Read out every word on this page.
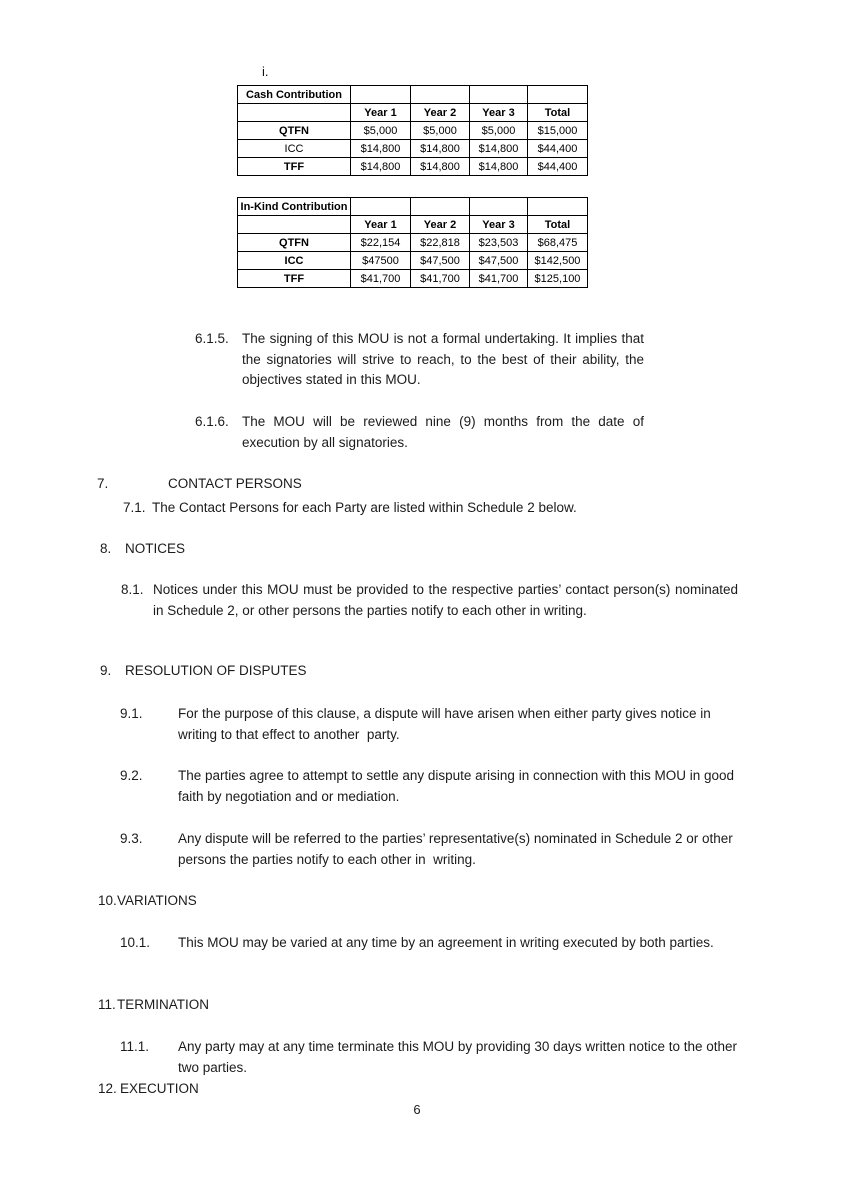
i.
Cash Contribution				
	Year 1	Year 2	Year 3	Total
QTFN	$5,000	$5,000	$5,000	$15,000
ICC	$14,800	$14,800	$14,800	$44,400
TFF	$14,800	$14,800	$14,800	$44,400
In-Kind Contribution				
	Year 1	Year 2	Year 3	Total
QTFN	$22,154	$22,818	$23,503	$68,475
ICC	$47500	$47,500	$47,500	$142,500
TFF	$41,700	$41,700	$41,700	$125,100
6.1.5. The signing of this MOU is not a formal undertaking. It implies that the signatories will strive to reach, to the best of their ability, the objectives stated in this MOU.
6.1.6. The MOU will be reviewed nine (9) months from the date of execution by all signatories.
7.	CONTACT PERSONS
7.1. The Contact Persons for each Party are listed within Schedule 2 below.
8.	NOTICES
8.1. Notices under this MOU must be provided to the respective parties’ contact person(s) nominated in Schedule 2, or other persons the parties notify to each other in writing.
9.	RESOLUTION OF DISPUTES
9.1.	For the purpose of this clause, a dispute will have arisen when either party gives notice in writing to that effect to another  party.
9.2.	The parties agree to attempt to settle any dispute arising in connection with this MOU in good faith by negotiation and or mediation.
9.3.	Any dispute will be referred to the parties’ representative(s) nominated in Schedule 2 or other persons the parties notify to each other in  writing.
10. VARIATIONS
10.1.	This MOU may be varied at any time by an agreement in writing executed by both parties.
11. TERMINATION
11.1.	Any party may at any time terminate this MOU by providing 30 days written notice to the other two parties.
12. EXECUTION
6
